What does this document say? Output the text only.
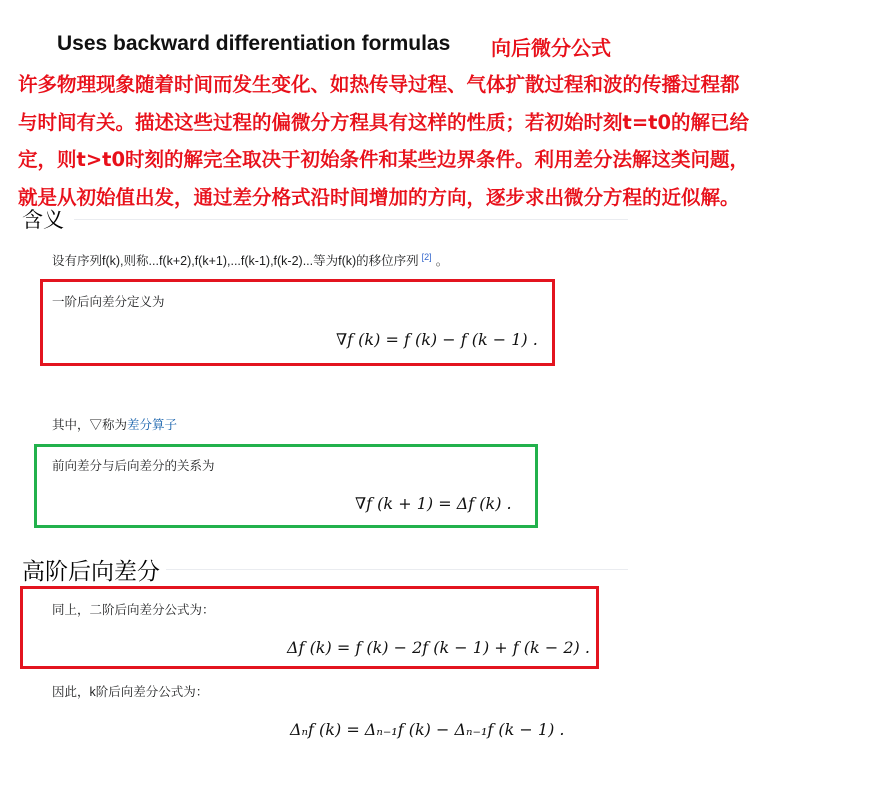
Uses backward differentiation formulas 向后微分公式
许多物理现象随着时间而发生变化、如热传导过程、气体扩散过程和波的传播过程都
与时间有关。描述这些过程的偏微分方程具有这样的性质；若初始时刻t=t0的解已给
定，则t>t0时刻的解完全取决于初始条件和某些边界条件。利用差分法解这类问题，
就是从初始值出发，通过差分格式沿时间增加的方向，逐步求出微分方程的近似解。
含义
设有序列f(k),则称...f(k+2),f(k+1),...f(k-1),f(k-2)...等为f(k)的移位序列 [2] 。
一阶后向差分定义为
∇f (k) = f (k) − f (k − 1) .
其中，▽称为差分算子
前向差分与后向差分的关系为
∇f (k + 1) = Δf (k) .
高阶后向差分
同上，二阶后向差分公式为：
Δf (k) = f (k) − 2f (k − 1) + f (k − 2) .
因此，k阶后向差分公式为：
Δₙf (k) = Δₙ₋₁f (k) − Δₙ₋₁f (k − 1) .
